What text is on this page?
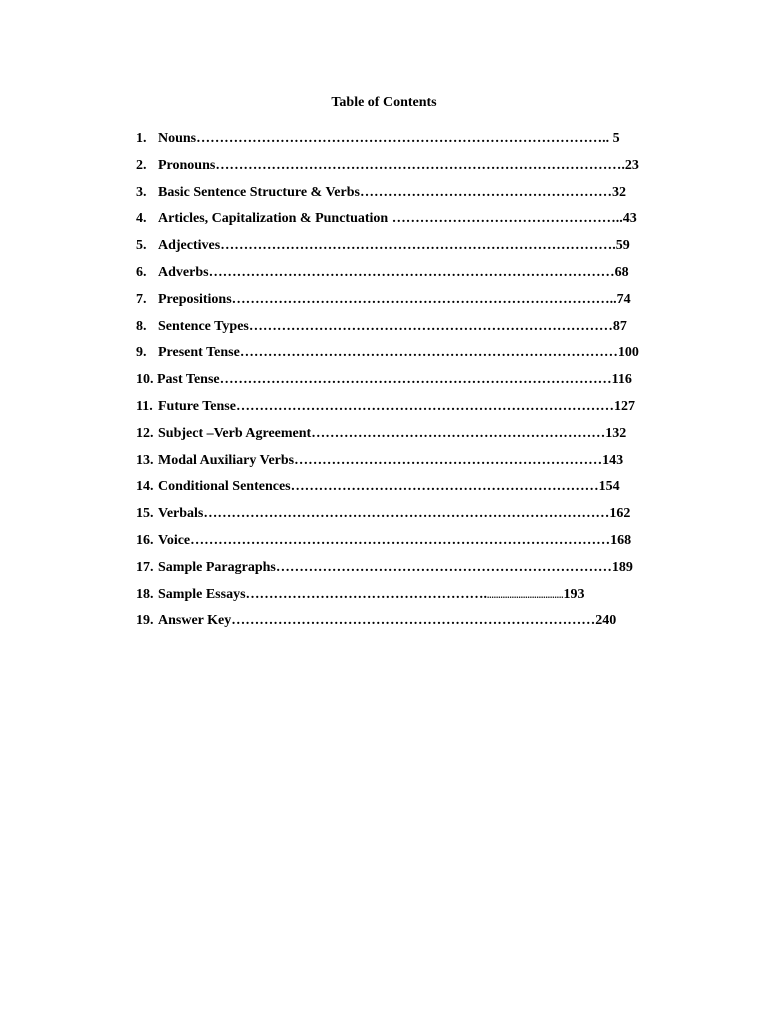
Table of Contents
1. Nouns…………………………………………………………………………….. 5
2. Pronouns…………………………………………………………………………….23
3. Basic Sentence Structure & Verbs………………………………………………32
4. Articles, Capitalization & Punctuation …………………………………………..43
5. Adjectives………………………………………………………………………….59
6. Adverbs……………………………………………………………………………68
7. Prepositions………………………………………………………………………..74
8. Sentence Types……………………………………………………………………87
9. Present Tense………………………………………………………………………100
10. Past Tense…………………………………………………………………………116
11. Future Tense………………………………………………………………………127
12. Subject –Verb Agreement………………………………………………………132
13. Modal Auxiliary Verbs…………………………………………………………143
14. Conditional Sentences…………………………………………………………154
15. Verbals……………………………………………………………………………162
16. Voice………………………………………………………………………………168
17. Sample Paragraphs………………………………………………………………189
18. Sample Essays……………………………………………...................................193
19. Answer Key……………………………………………………………………240
